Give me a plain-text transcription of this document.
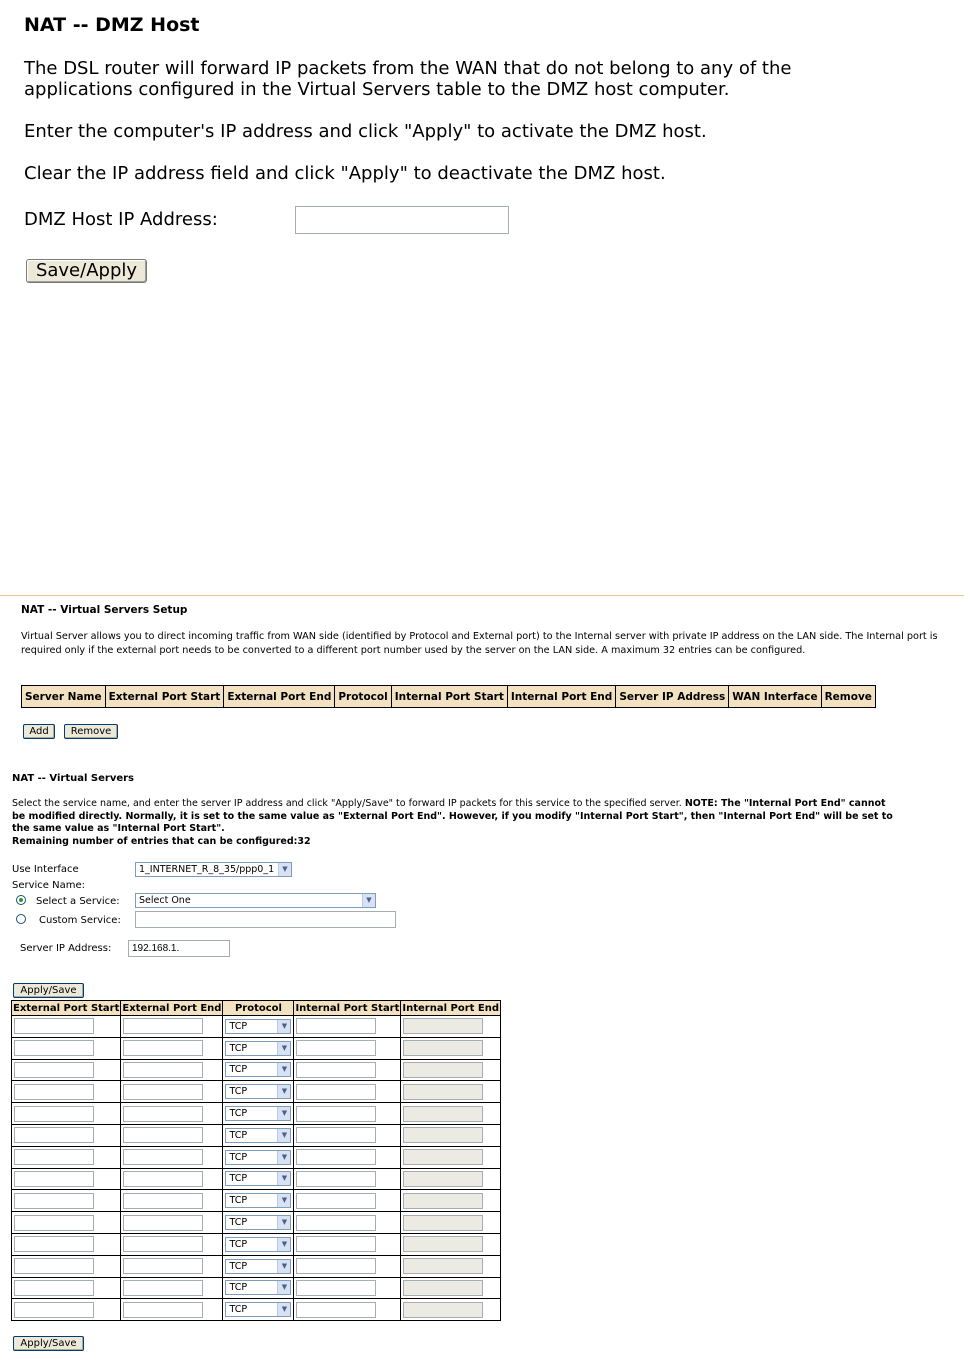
NAT -- DMZ Host
The DSL router will forward IP packets from the WAN that do not belong to any of the
applications configured in the Virtual Servers table to the DMZ host computer.
Enter the computer's IP address and click "Apply" to activate the DMZ host.
Clear the IP address field and click "Apply" to deactivate the DMZ host.
DMZ Host IP Address:
Save/Apply
NAT -- Virtual Servers Setup
Virtual Server allows you to direct incoming traffic from WAN side (identified by Protocol and External port) to the Internal server with private IP address on the LAN side. The Internal port is required only if the external port needs to be converted to a different port number used by the server on the LAN side. A maximum 32 entries can be configured.
Server Name	External Port Start	External Port End	Protocol	Internal Port Start	Internal Port End	Server IP Address	WAN Interface	Remove
Add	Remove
NAT -- Virtual Servers
Select the service name, and enter the server IP address and click "Apply/Save" to forward IP packets for this service to the specified server. NOTE: The "Internal Port End" cannot be modified directly. Normally, it is set to the same value as "External Port End". However, if you modify "Internal Port Start", then "Internal Port End" will be set to the same value as "Internal Port Start".
Remaining number of entries that can be configured:32
Use Interface	1_INTERNET_R_8_35/ppp0_1	▼
Service Name:
Select a Service:	Select One	▼
Custom Service:
Server IP Address:
192.168.1.
Apply/Save
External Port Start	External Port End	Protocol	Internal Port Start	Internal Port End

		TCP ▼		

		TCP ▼		

		TCP ▼		

		TCP ▼		

		TCP ▼		

		TCP ▼		

		TCP ▼		

		TCP ▼		

		TCP ▼		

		TCP ▼		

		TCP ▼		

		TCP ▼		

		TCP ▼		

		TCP ▼		

Apply/Save
